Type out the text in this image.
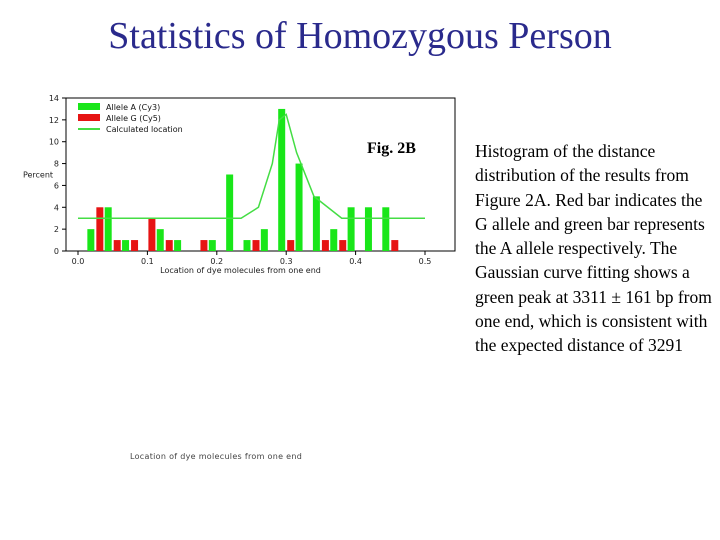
Statistics of Homozygous Person
0
2
4
6
8
10
12
14
0.0	0.1	0.2	0.3	0.4	0.5
Location of dye molecules from one end
Percent
Allele A (Cy3)
Allele G (Cy5)
Calculated location
Fig. 2B	Histogram of the distance distribution of the results from Figure 2A. Red bar indicates the G allele and green bar represents the A allele respectively. The Gaussian curve fitting shows a green peak at 3311 ± 161 bp from one end, which is consistent with the expected distance of 3291
Location of dye molecules from one end
